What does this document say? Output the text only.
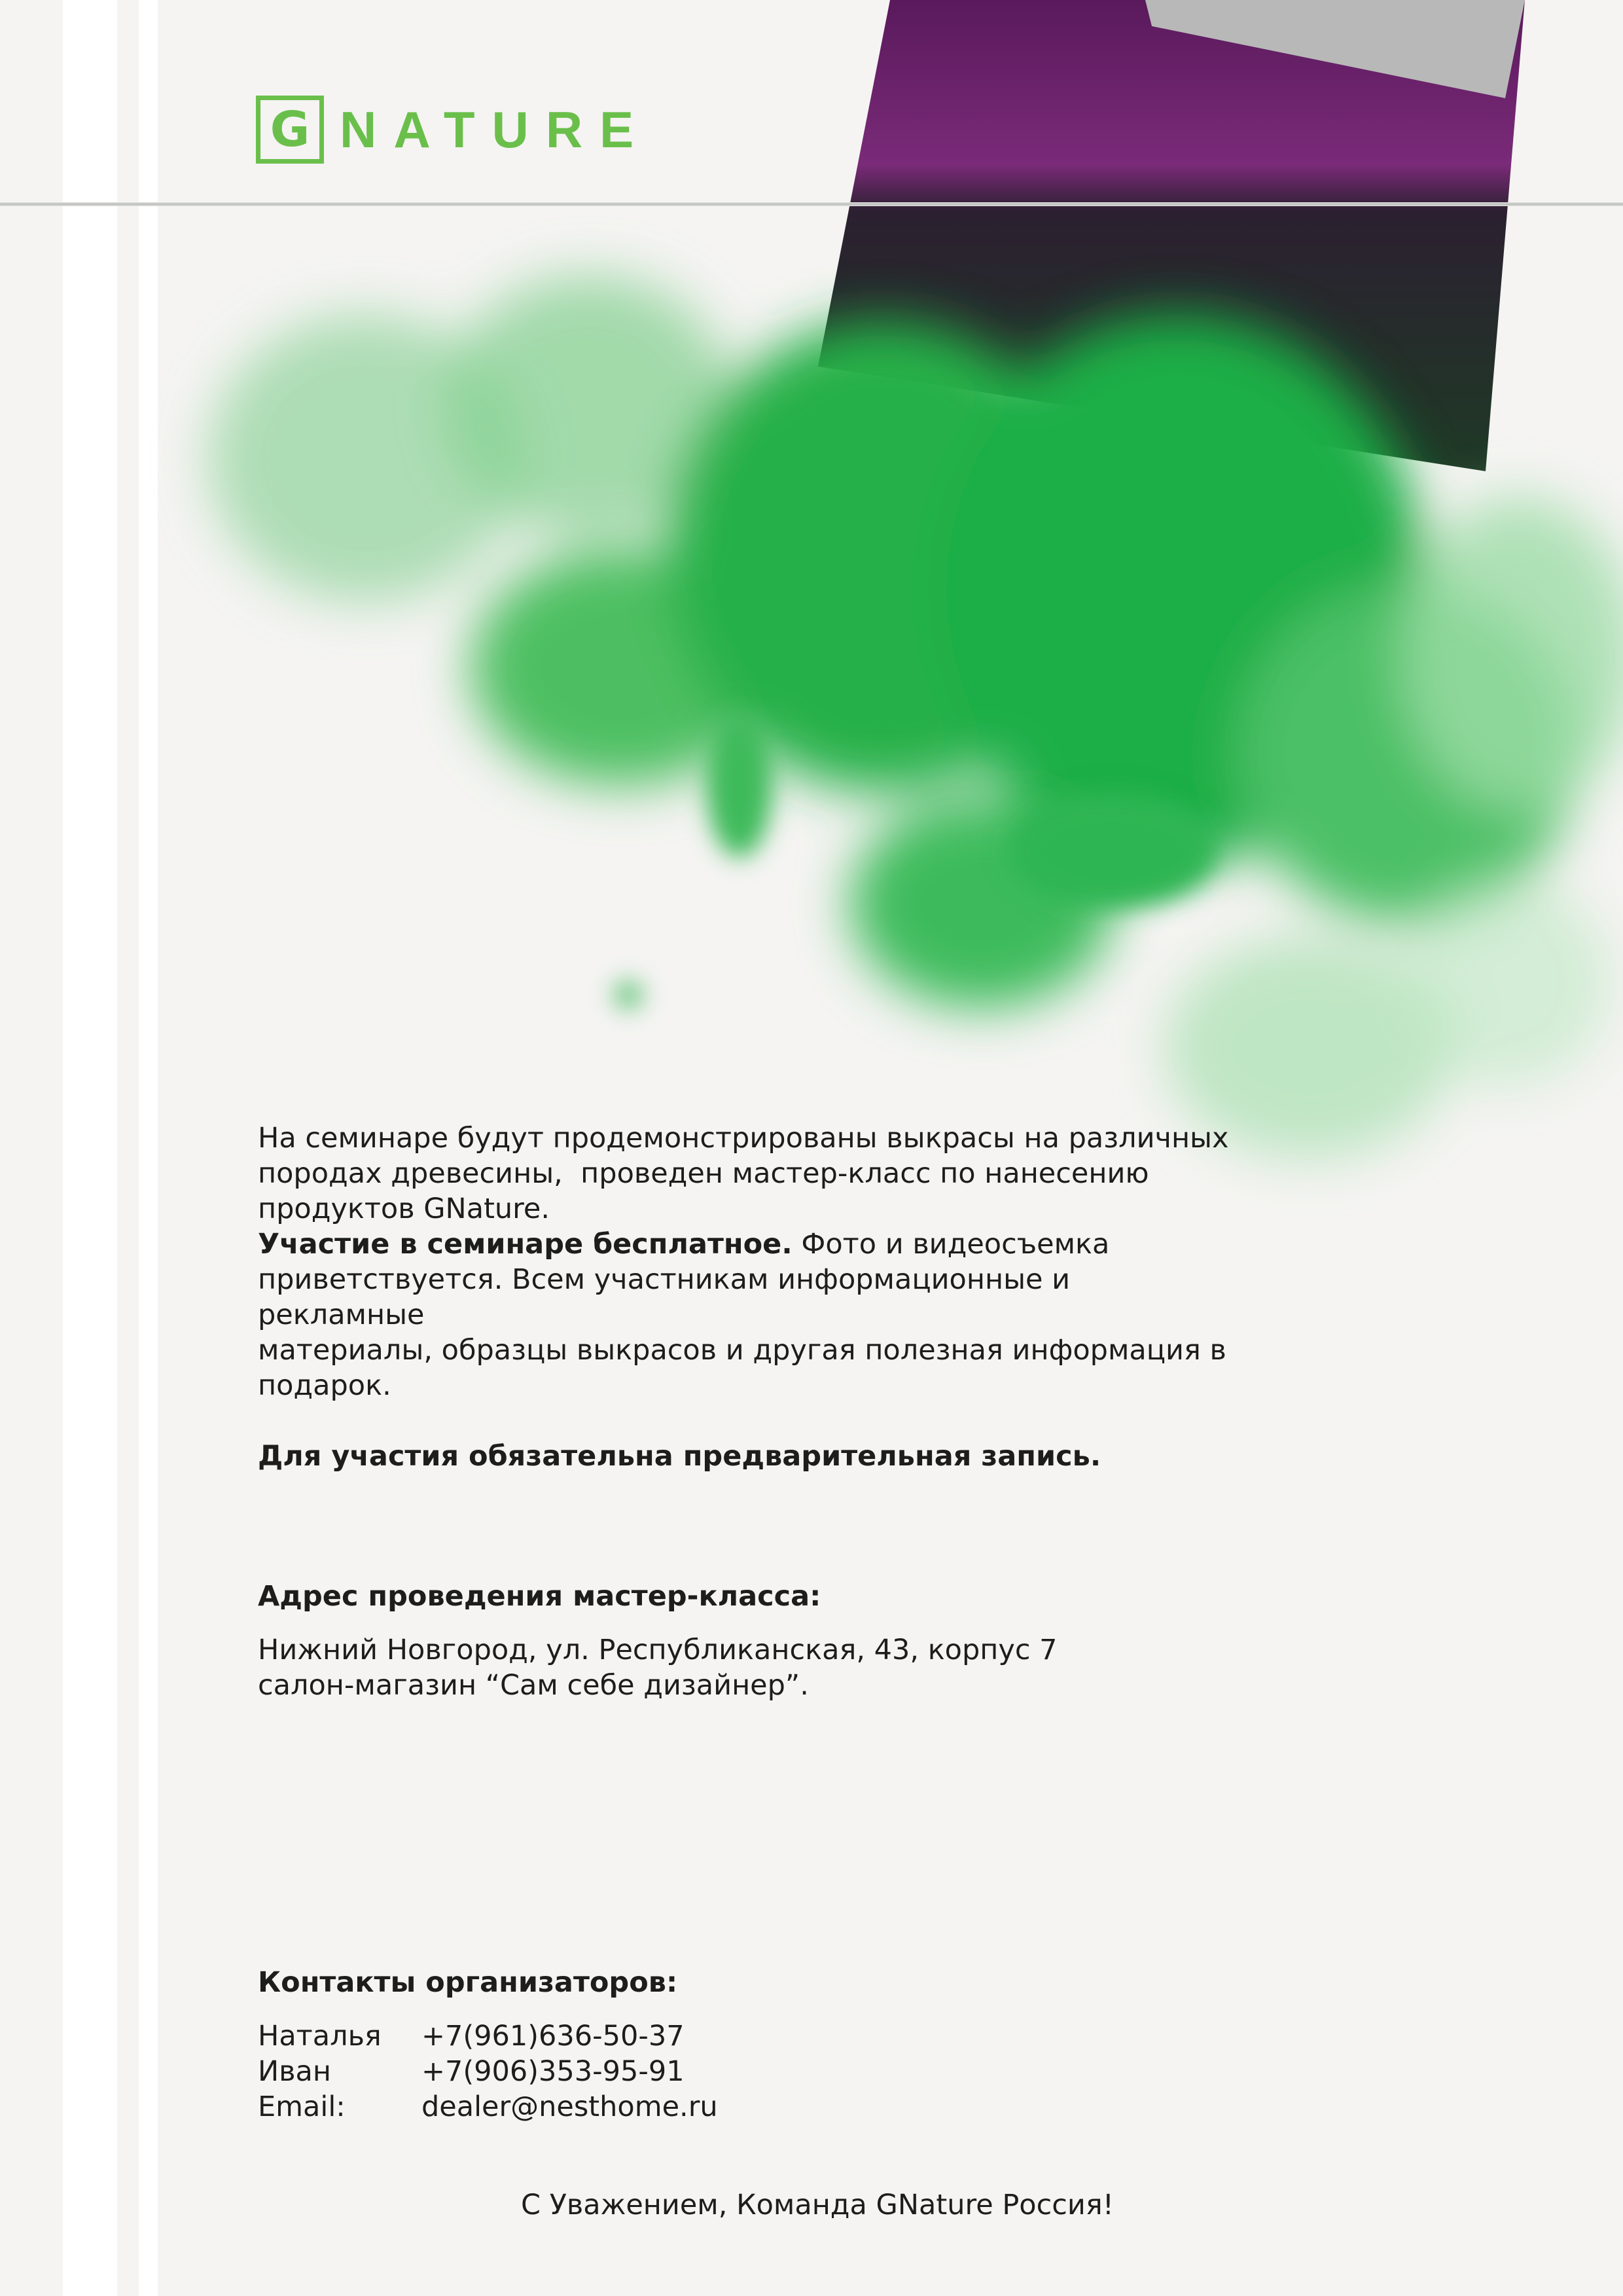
G NATURE
На семинаре будут продемонстрированы выкрасы на различных
породах древесины,  проведен мастер-класс по нанесению
продуктов GNature.
Участие в семинаре бесплатное. Фото и видеосъемка
приветствуется. Всем участникам информационные и рекламные
материалы, образцы выкрасов и другая полезная информация в
подарок.
Для участия обязательна предварительная запись.
Адрес проведения мастер-класса:
Нижний Новгород, ул. Республиканская, 43, корпус 7
салон-магазин “Сам себе дизайнер”.
Контакты организаторов:
Наталья	+7(961)636-50-37
Иван	+7(906)353-95-91
Email:	dealer@nesthome.ru
С Уважением, Команда GNature Россия!
